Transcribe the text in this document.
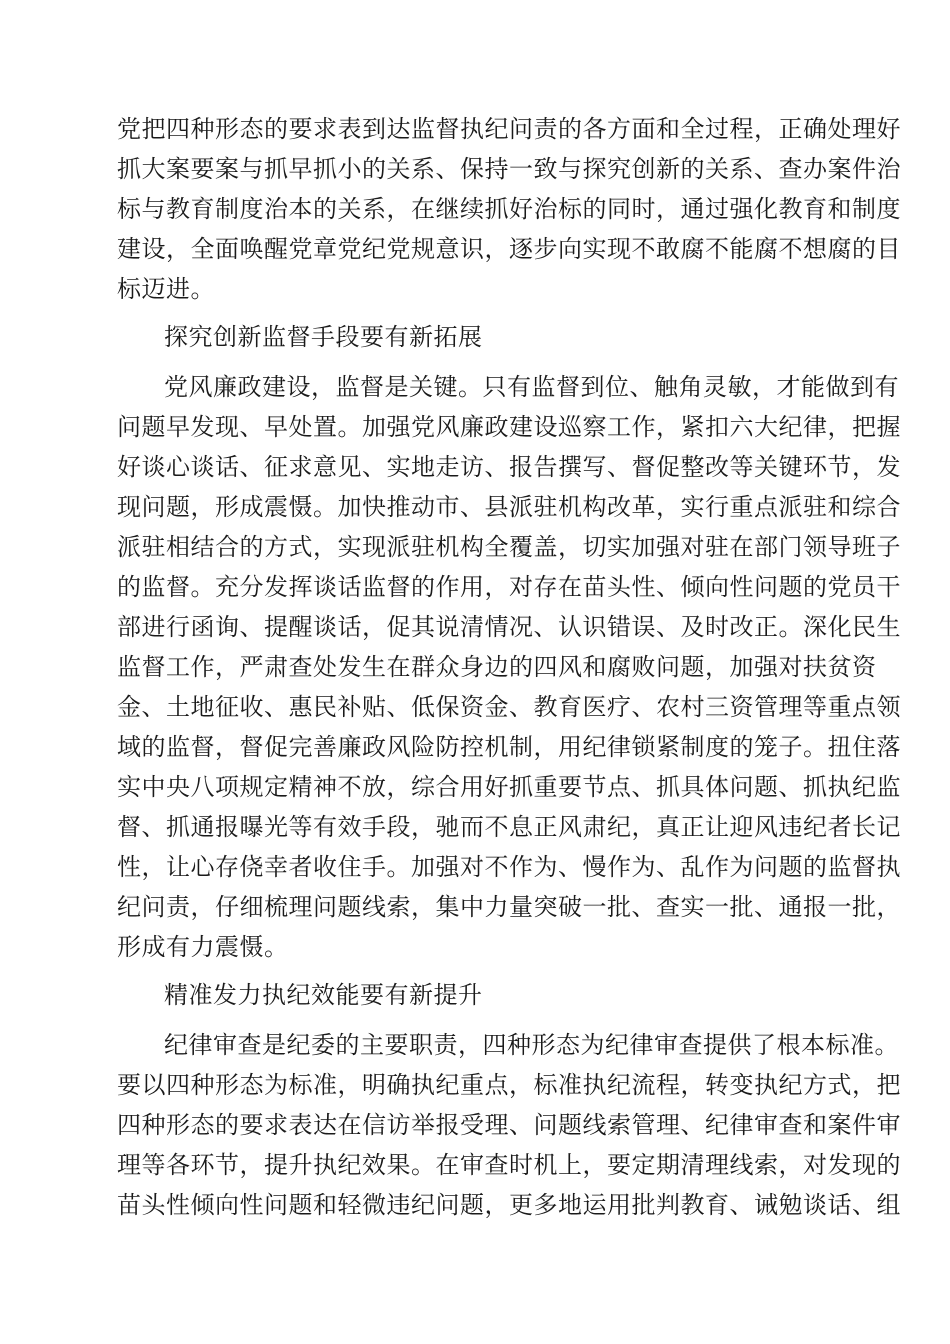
党把四种形态的要求表到达监督执纪问责的各方面和全过程，正确处理好
抓大案要案与抓早抓小的关系、保持一致与探究创新的关系、查办案件治
标与教育制度治本的关系，在继续抓好治标的同时，通过强化教育和制度
建设，全面唤醒党章党纪党规意识，逐步向实现不敢腐不能腐不想腐的目
标迈进。
探究创新监督手段要有新拓展
党风廉政建设，监督是关键。只有监督到位、触角灵敏，才能做到有
问题早发现、早处置。加强党风廉政建设巡察工作，紧扣六大纪律，把握
好谈心谈话、征求意见、实地走访、报告撰写、督促整改等关键环节，发
现问题，形成震慑。加快推动市、县派驻机构改革，实行重点派驻和综合
派驻相结合的方式，实现派驻机构全覆盖，切实加强对驻在部门领导班子
的监督。充分发挥谈话监督的作用，对存在苗头性、倾向性问题的党员干
部进行函询、提醒谈话，促其说清情况、认识错误、及时改正。深化民生
监督工作，严肃查处发生在群众身边的四风和腐败问题，加强对扶贫资
金、土地征收、惠民补贴、低保资金、教育医疗、农村三资管理等重点领
域的监督，督促完善廉政风险防控机制，用纪律锁紧制度的笼子。扭住落
实中央八项规定精神不放，综合用好抓重要节点、抓具体问题、抓执纪监
督、抓通报曝光等有效手段，驰而不息正风肃纪，真正让迎风违纪者长记
性，让心存侥幸者收住手。加强对不作为、慢作为、乱作为问题的监督执
纪问责，仔细梳理问题线索，集中力量突破一批、查实一批、通报一批，
形成有力震慑。
精准发力执纪效能要有新提升
纪律审查是纪委的主要职责，四种形态为纪律审查提供了根本标准。
要以四种形态为标准，明确执纪重点，标准执纪流程，转变执纪方式，把
四种形态的要求表达在信访举报受理、问题线索管理、纪律审查和案件审
理等各环节，提升执纪效果。在审查时机上，要定期清理线索，对发现的
苗头性倾向性问题和轻微违纪问题，更多地运用批判教育、诫勉谈话、组
